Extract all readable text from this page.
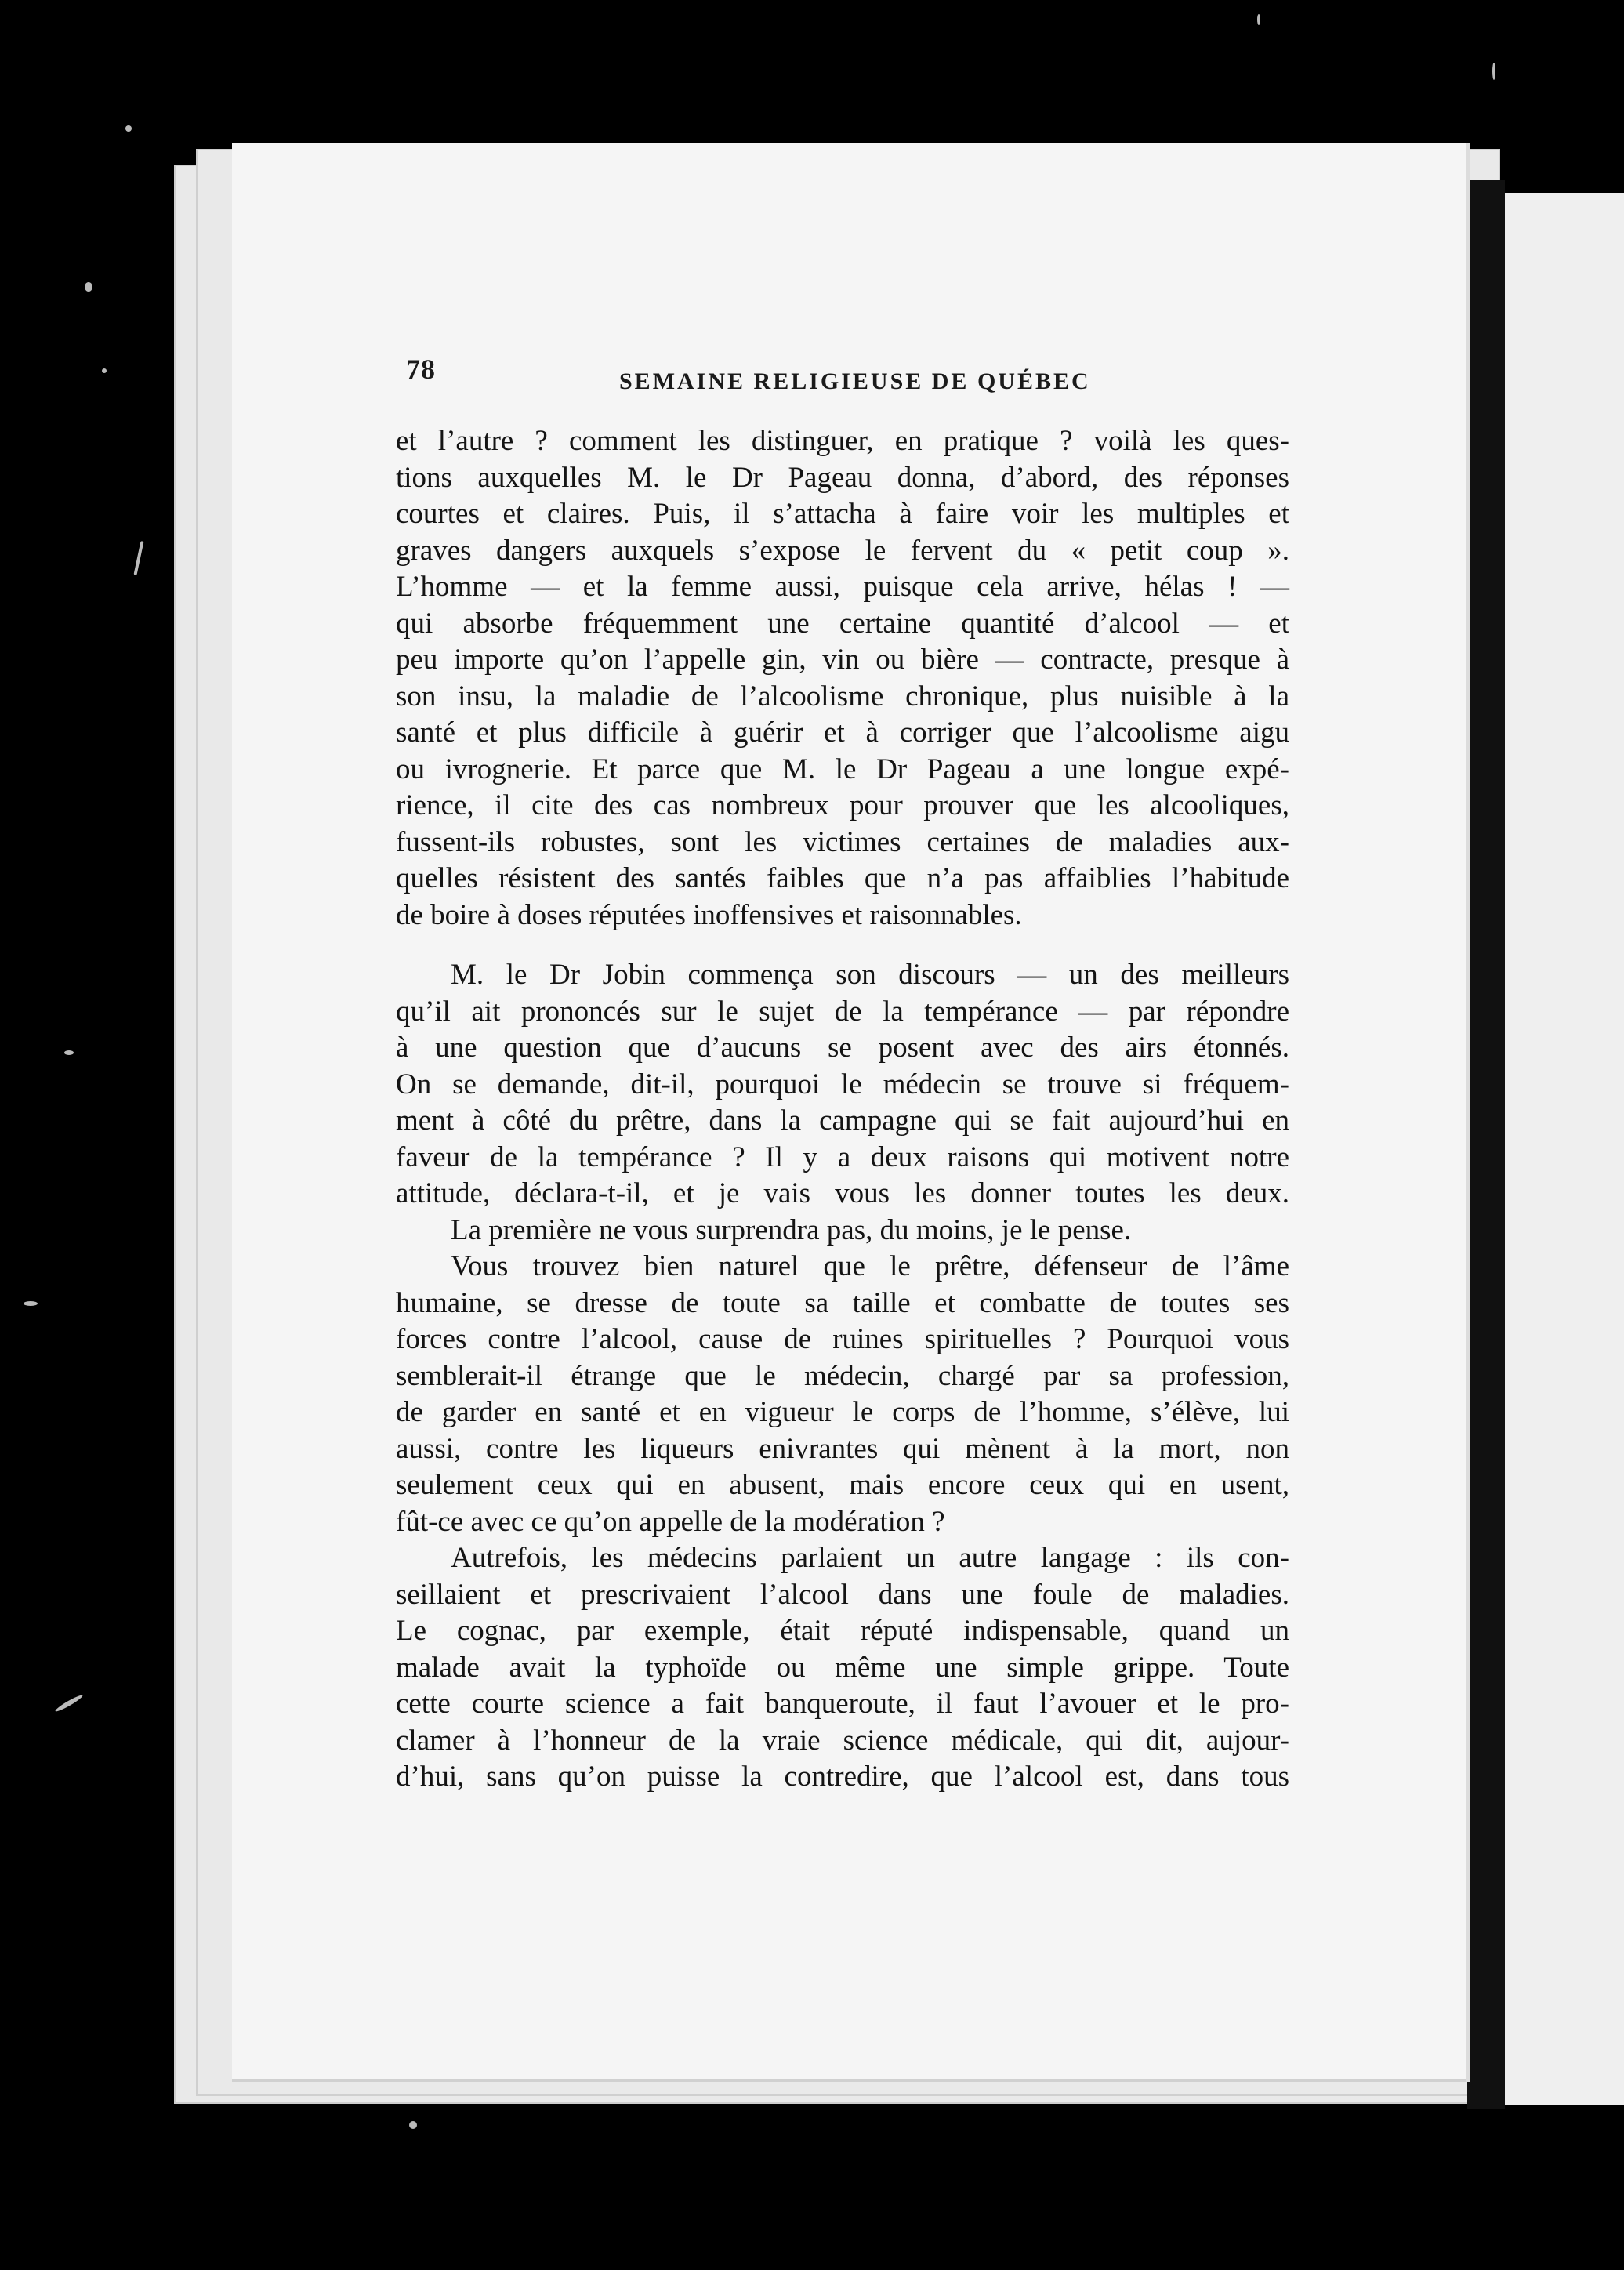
78	SEMAINE RELIGIEUSE DE QUÉBEC
et l’autre ? comment les distinguer, en pratique ? voilà les ques-
tions auxquelles M. le Dr Pageau donna, d’abord, des réponses
courtes et claires. Puis, il s’attacha à faire voir les multiples et
graves dangers auxquels s’expose le fervent du « petit coup ».
L’homme — et la femme aussi, puisque cela arrive, hélas ! —
qui absorbe fréquemment une certaine quantité d’alcool — et
peu importe qu’on l’appelle gin, vin ou bière — contracte, presque à
son insu, la maladie de l’alcoolisme chronique, plus nuisible à la
santé et plus difficile à guérir et à corriger que l’alcoolisme aigu
ou ivrognerie. Et parce que M. le Dr Pageau a une longue expé-
rience, il cite des cas nombreux pour prouver que les alcooliques,
fussent-ils robustes, sont les victimes certaines de maladies aux-
quelles résistent des santés faibles que n’a pas affaiblies l’habitude
de boire à doses réputées inoffensives et raisonnables.
M. le Dr Jobin commença son discours — un des meilleurs
qu’il ait prononcés sur le sujet de la tempérance — par répondre
à une question que d’aucuns se posent avec des airs étonnés.
On se demande, dit-il, pourquoi le médecin se trouve si fréquem-
ment à côté du prêtre, dans la campagne qui se fait aujourd’hui en
faveur de la tempérance ? Il y a deux raisons qui motivent notre
attitude, déclara-t-il, et je vais vous les donner toutes les deux.
La première ne vous surprendra pas, du moins, je le pense.
Vous trouvez bien naturel que le prêtre, défenseur de l’âme
humaine, se dresse de toute sa taille et combatte de toutes ses
forces contre l’alcool, cause de ruines spirituelles ? Pourquoi vous
semblerait-il étrange que le médecin, chargé par sa profession,
de garder en santé et en vigueur le corps de l’homme, s’élève, lui
aussi, contre les liqueurs enivrantes qui mènent à la mort, non
seulement ceux qui en abusent, mais encore ceux qui en usent,
fût-ce avec ce qu’on appelle de la modération ?
Autrefois, les médecins parlaient un autre langage : ils con-
seillaient et prescrivaient l’alcool dans une foule de maladies.
Le cognac, par exemple, était réputé indispensable, quand un
malade avait la typhoïde ou même une simple grippe. Toute
cette courte science a fait banqueroute, il faut l’avouer et le pro-
clamer à l’honneur de la vraie science médicale, qui dit, aujour-
d’hui, sans qu’on puisse la contredire, que l’alcool est, dans tous
